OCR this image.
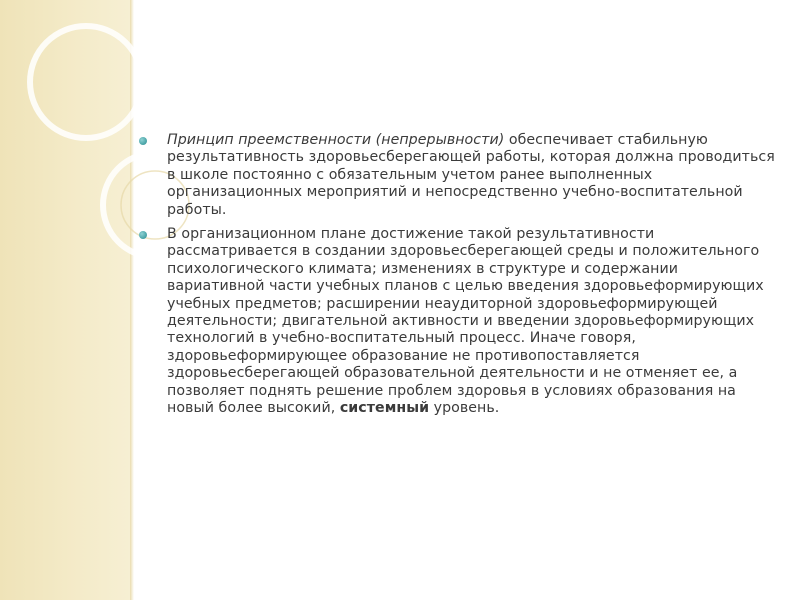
Принцип преемственности (непрерывности) обеспечивает стабильную результативность здоровьесберегающей работы, которая должна проводиться в школе постоянно с обязательным учетом ранее выполненных организационных мероприятий и непосредственно учебно-воспитательной работы.
В организационном плане достижение такой результативности рассматривается в создании здоровьесберегающей среды и положительного психологического климата; изменениях в структуре и содержании вариативной части учебных планов с целью введения здоровьеформирующих учебных предметов; расширении неаудиторной здоровьеформирующей деятельности; двигательной активности и введении здоровьеформирующих технологий в учебно-воспитательный процесс. Иначе говоря, здоровьеформирующее образование не противопоставляется здоровьесберегающей образовательной деятельности и не отменяет ее, а позволяет поднять решение проблем здоровья в условиях образования на новый более высокий, системный уровень.
